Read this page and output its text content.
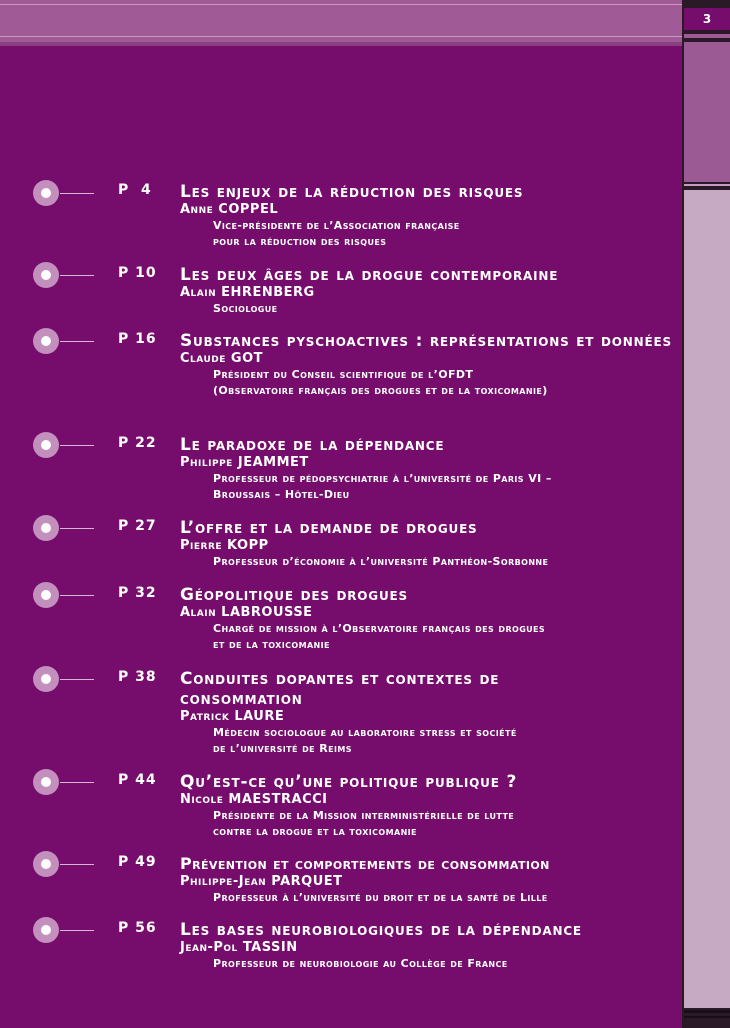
3
P  4 Les enjeux de la réduction des risques
Anne COPPEL
Vice-présidente de l’Association française
pour la réduction des risques
P 10 Les deux âges de la drogue contemporaine
Alain EHRENBERG
Sociologue
P 16 Substances pyschoactives : représentations et données
Claude GOT
Président du Conseil scientifique de l’OFDT
(Observatoire français des drogues et de la toxicomanie)
P 22 Le paradoxe de la dépendance
Philippe JEAMMET
Professeur de pédopsychiatrie à l’université de Paris VI –
Broussais – Hôtel-Dieu
P 27 L’offre et la demande de drogues
Pierre KOPP
Professeur d’économie à l’université Panthéon-Sorbonne
P 32 Géopolitique des drogues
Alain LABROUSSE
Chargé de mission à l’Observatoire français des drogues
et de la toxicomanie
P 38 Conduites dopantes et contextes de consommation
Patrick LAURE
Médecin sociologue au laboratoire stress et société
de l’université de Reims
P 44 Qu’est-ce qu’une politique publique ?
Nicole MAESTRACCI
Présidente de la Mission interministérielle de lutte
contre la drogue et la toxicomanie
P 49 Prévention et comportements de consommation
Philippe-Jean PARQUET
Professeur à l’université du droit et de la santé de Lille
P 56 Les bases neurobiologiques de la dépendance
Jean-Pol TASSIN
Professeur de neurobiologie au Collège de France
